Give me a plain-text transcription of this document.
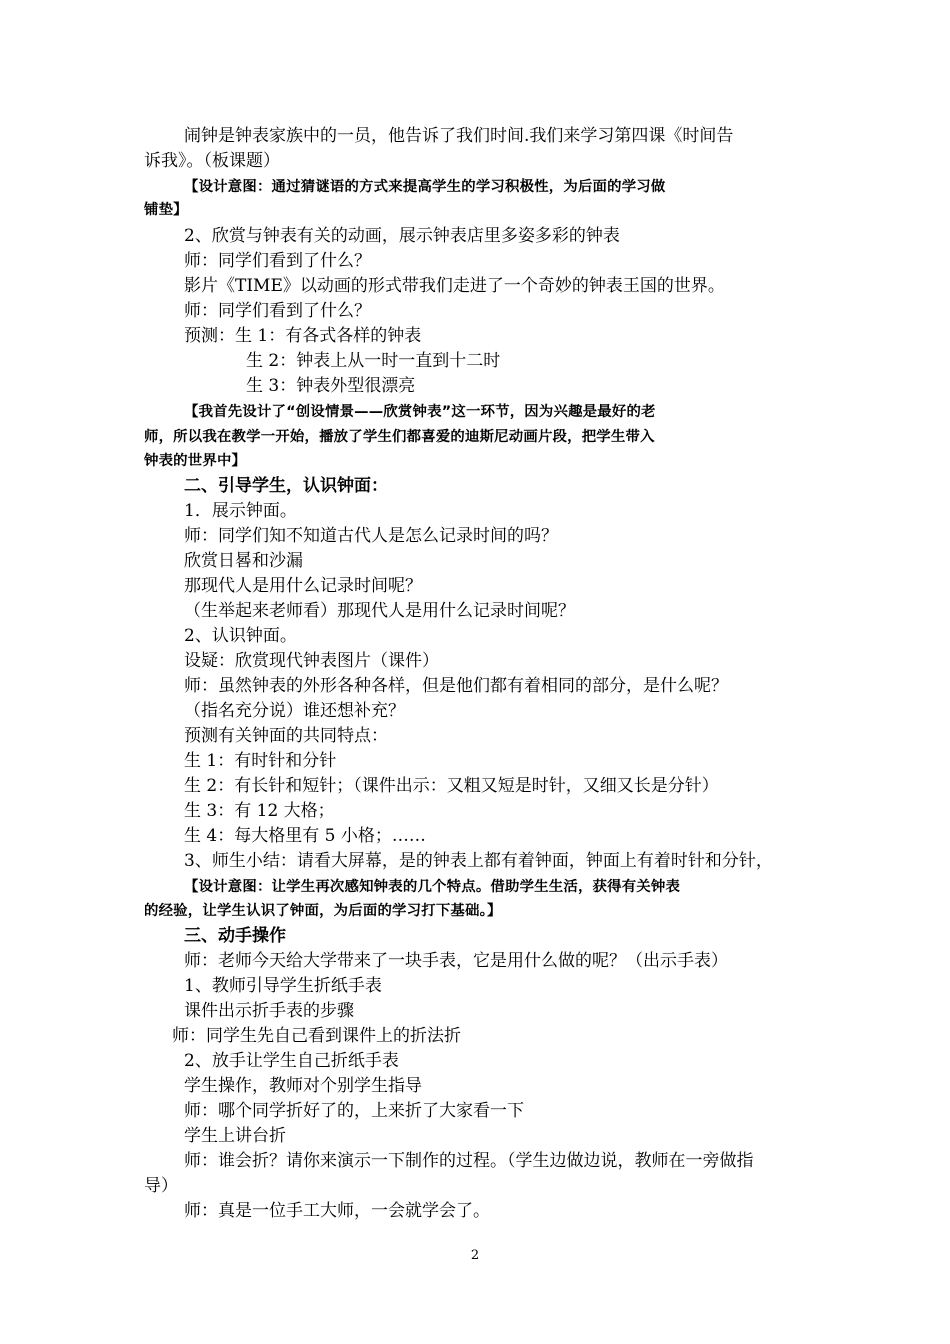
闹钟是钟表家族中的一员，他告诉了我们时间.我们来学习第四课《时间告
诉我》。（板课题）
【设计意图：通过猜谜语的方式来提高学生的学习积极性，为后面的学习做
铺垫】
2、欣赏与钟表有关的动画，展示钟表店里多姿多彩的钟表
师：同学们看到了什么？
影片《TIME》以动画的形式带我们走进了一个奇妙的钟表王国的世界。
师：同学们看到了什么？
预测：生 1：有各式各样的钟表
生 2：钟表上从一时一直到十二时
生 3：钟表外型很漂亮
【我首先设计了“创设情景——欣赏钟表”这一环节，因为兴趣是最好的老
师，所以我在教学一开始，播放了学生们都喜爱的迪斯尼动画片段，把学生带入
钟表的世界中】
二、引导学生，认识钟面：
1．展示钟面。
师：同学们知不知道古代人是怎么记录时间的吗？
欣赏日晷和沙漏
那现代人是用什么记录时间呢？
（生举起来老师看）那现代人是用什么记录时间呢？
2、认识钟面。
设疑：欣赏现代钟表图片（课件）
师：虽然钟表的外形各种各样，但是他们都有着相同的部分，是什么呢？
（指名充分说）谁还想补充？
预测有关钟面的共同特点：
生 1：有时针和分针
生 2：有长针和短针；（课件出示：又粗又短是时针，又细又长是分针）
生 3：有 12 大格；
生 4：每大格里有 5 小格；……
3、师生小结：请看大屏幕，是的钟表上都有着钟面，钟面上有着时针和分针，
【设计意图：让学生再次感知钟表的几个特点。借助学生生活，获得有关钟表
的经验，让学生认识了钟面，为后面的学习打下基础。】
三、动手操作
师：老师今天给大学带来了一块手表，它是用什么做的呢？（出示手表）
1、教师引导学生折纸手表
课件出示折手表的步骤
师：同学生先自己看到课件上的折法折
2、放手让学生自己折纸手表
学生操作，教师对个别学生指导
师：哪个同学折好了的，上来折了大家看一下
学生上讲台折
师：谁会折？请你来演示一下制作的过程。（学生边做边说，教师在一旁做指
导）
师：真是一位手工大师，一会就学会了。
2
